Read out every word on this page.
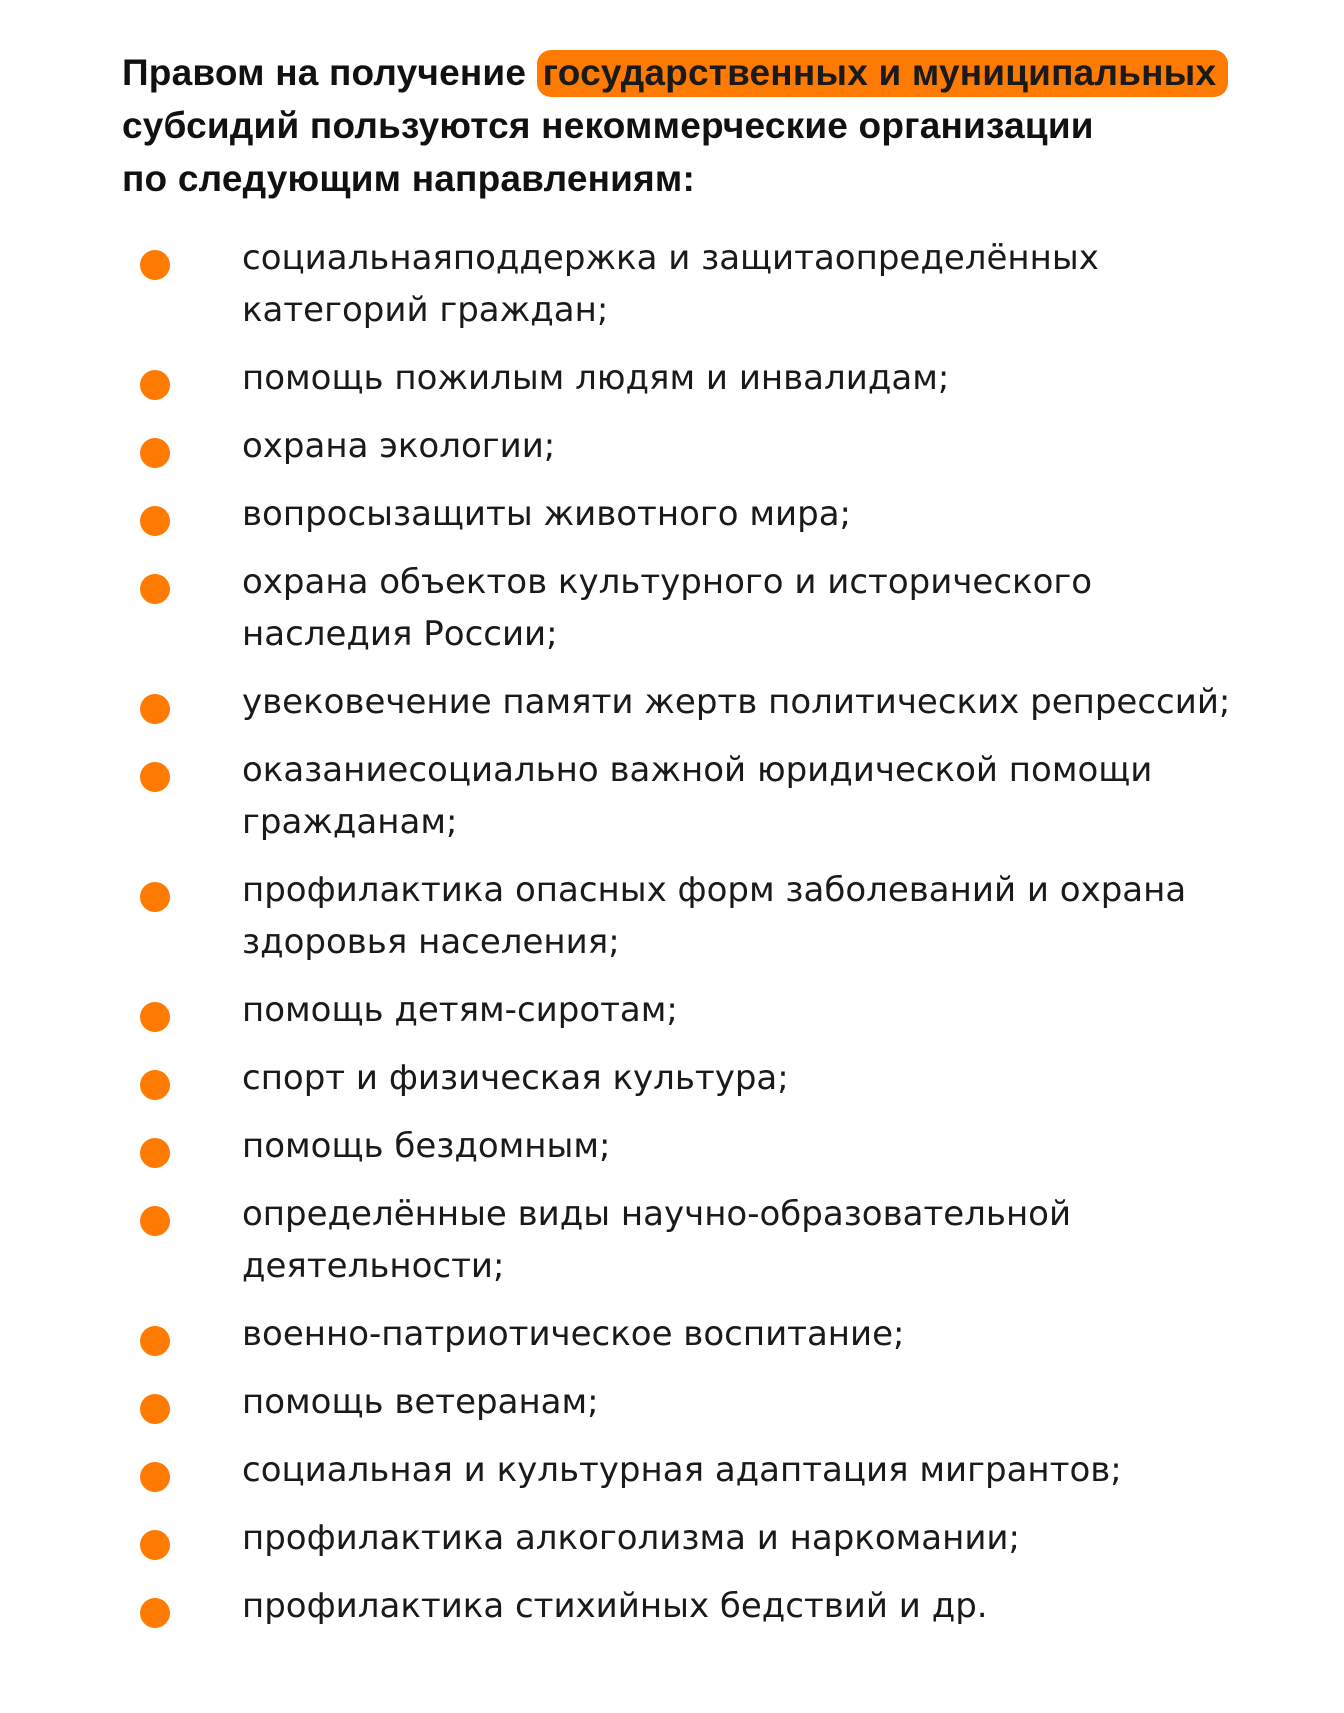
Правом на получение государственных и муниципальных
субсидий пользуются некоммерческие организации
по следующим направлениям:
социальнаяподдержка и защитаопределённых категорий граждан;
помощь пожилым людям и инвалидам;
охрана экологии;
вопросызащиты животного мира;
охрана объектов культурного и исторического наследия России;
увековечение памяти жертв политических репрессий;
оказаниесоциально важной юридической помощи гражданам;
профилактика опасных форм заболеваний и охрана здоровья населения;
помощь детям-сиротам;
спорт и физическая культура;
помощь бездомным;
определённые виды научно-образовательной деятельности;
военно-патриотическое воспитание;
помощь ветеранам;
социальная и культурная адаптация мигрантов;
профилактика алкоголизма и наркомании;
профилактика стихийных бедствий и др.
